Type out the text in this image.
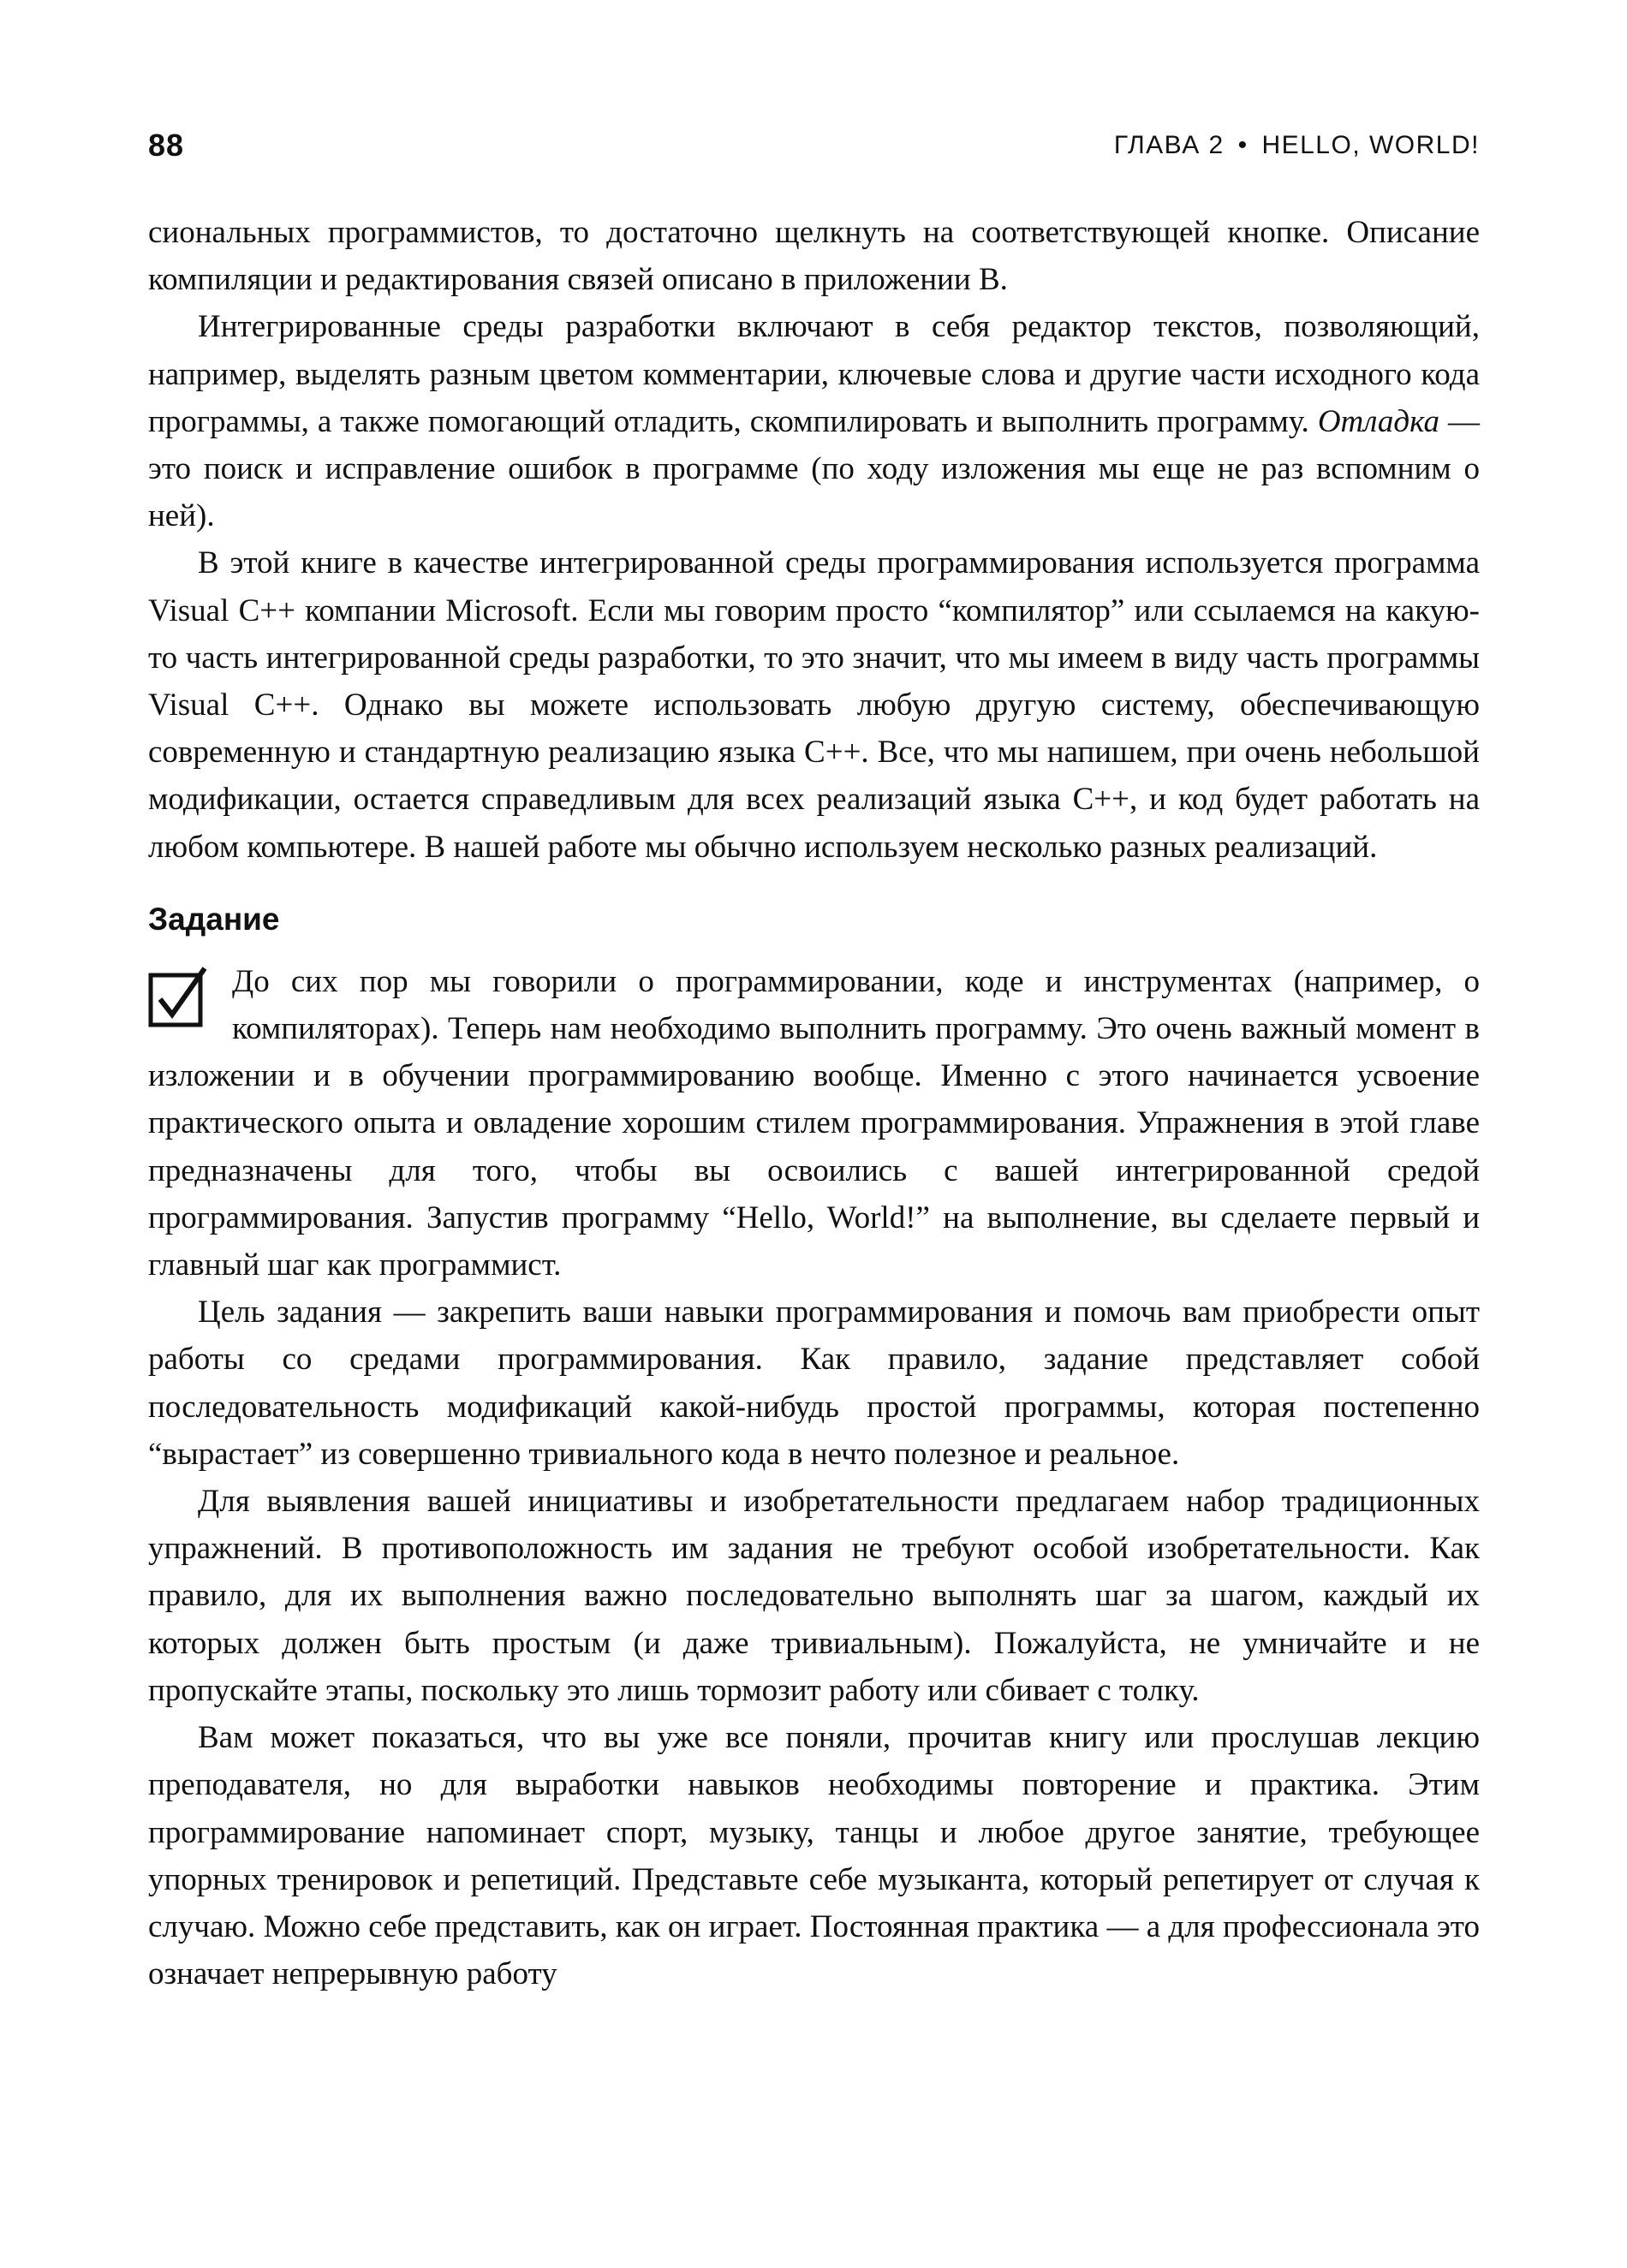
88	ГЛАВА 2 • HELLO, WORLD!

сиональных программистов, то достаточно щелкнуть на соответствующей кнопке. Описание компиляции и редактирования связей описано в приложении В.

Интегрированные среды разработки включают в себя редактор текстов, позволяющий, например, выделять разным цветом комментарии, ключевые слова и другие части исходного кода программы, а также помогающий отладить, скомпилировать и выполнить программу. Отладка — это поиск и исправление ошибок в программе (по ходу изложения мы еще не раз вспомним о ней).

В этой книге в качестве интегрированной среды программирования используется программа Visual C++ компании Microsoft. Если мы говорим просто “компилятор” или ссылаемся на какую-то часть интегрированной среды разработки, то это значит, что мы имеем в виду часть программы Visual C++. Однако вы можете использовать любую другую систему, обеспечивающую современную и стандартную реализацию языка C++. Все, что мы напишем, при очень небольшой модификации, остается справедливым для всех реализаций языка C++, и код будет работать на любом компьютере. В нашей работе мы обычно используем несколько разных реализаций.

Задание

До сих пор мы говорили о программировании, коде и инструментах (например, о компиляторах). Теперь нам необходимо выполнить программу. Это очень важный момент в изложении и в обучении программированию вообще. Именно с этого начинается усвоение практического опыта и овладение хорошим стилем программирования. Упражнения в этой главе предназначены для того, чтобы вы освоились с вашей интегрированной средой программирования. Запустив программу “Hello, World!” на выполнение, вы сделаете первый и главный шаг как программист.

Цель задания — закрепить ваши навыки программирования и помочь вам приобрести опыт работы со средами программирования. Как правило, задание представляет собой последовательность модификаций какой-нибудь простой программы, которая постепенно “вырастает” из совершенно тривиального кода в нечто полезное и реальное.

Для выявления вашей инициативы и изобретательности предлагаем набор традиционных упражнений. В противоположность им задания не требуют особой изобретательности. Как правило, для их выполнения важно последовательно выполнять шаг за шагом, каждый их которых должен быть простым (и даже тривиальным). Пожалуйста, не умничайте и не пропускайте этапы, поскольку это лишь тормозит работу или сбивает с толку.

Вам может показаться, что вы уже все поняли, прочитав книгу или прослушав лекцию преподавателя, но для выработки навыков необходимы повторение и практика. Этим программирование напоминает спорт, музыку, танцы и любое другое занятие, требующее упорных тренировок и репетиций. Представьте себе музыканта, который репетирует от случая к случаю. Можно себе представить, как он играет. Постоянная практика — а для профессионала это означает непрерывную работу
